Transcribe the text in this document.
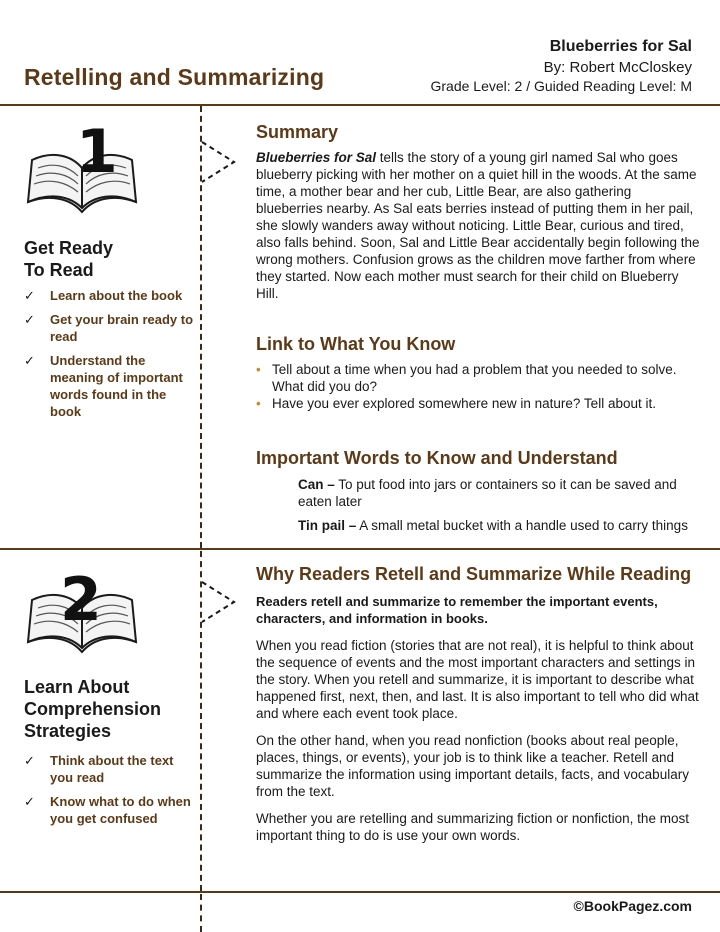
Retelling and Summarizing
Blueberries for Sal
By: Robert McCloskey
Grade Level: 2 / Guided Reading Level: M
1

Get Ready
To Read

✓ Learn about the book
✓ Get your brain ready to read
✓ Understand the meaning of important words found in the book

Summary

Blueberries for Sal tells the story of a young girl named Sal who goes blueberry picking with her mother on a quiet hill in the woods. At the same time, a mother bear and her cub, Little Bear, are also gathering blueberries nearby. As Sal eats berries instead of putting them in her pail, she slowly wanders away without noticing. Little Bear, curious and tired, also falls behind. Soon, Sal and Little Bear accidentally begin following the wrong mothers. Confusion grows as the children move farther from where they started. Now each mother must search for their child on Blueberry Hill.

Link to What You Know

• Tell about a time when you had a problem that you needed to solve. What did you do?
• Have you ever explored somewhere new in nature? Tell about it.

Important Words to Know and Understand

Can – To put food into jars or containers so it can be saved and eaten later
Tin pail – A small metal bucket with a handle used to carry things
2

Learn About
Comprehension
Strategies

✓ Think about the text you read
✓ Know what to do when you get confused

Why Readers Retell and Summarize While Reading

Readers retell and summarize to remember the important events, characters, and information in books.

When you read fiction (stories that are not real), it is helpful to think about the sequence of events and the most important characters and settings in the story. When you retell and summarize, it is important to describe what happened first, next, then, and last. It is also important to tell who did what and where each event took place.

On the other hand, when you read nonfiction (books about real people, places, things, or events), your job is to think like a teacher. Retell and summarize the information using important details, facts, and vocabulary from the text.

Whether you are retelling and summarizing fiction or nonfiction, the most important thing to do is use your own words.

©BookPagez.com
